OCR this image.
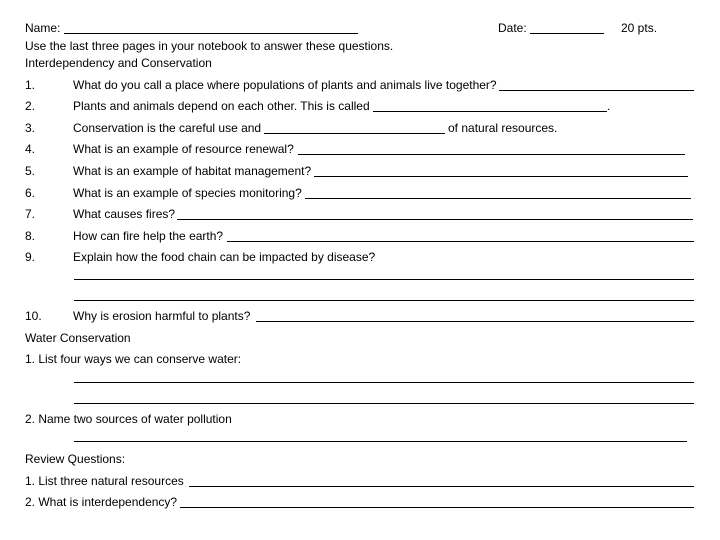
Name:	Date:	20 pts.
Use the last three pages in your notebook to answer these questions.
Interdependency and Conservation
1.	What do you call a place where populations of plants and animals live together?
2.	Plants and animals depend on each other. This is called	.
3.	Conservation is the careful use and	of natural resources.
4.	What is an example of resource renewal?
5.	What is an example of habitat management?
6.	What is an example of species monitoring?
7.	What causes fires?
8.	How can fire help the earth?
9.	Explain how the food chain can be impacted by disease?
10.	Why is erosion harmful to plants?
Water Conservation
1. List four ways we can conserve water:
2. Name two sources of water pollution
Review Questions:
1. List three natural resources
2. What is interdependency?
